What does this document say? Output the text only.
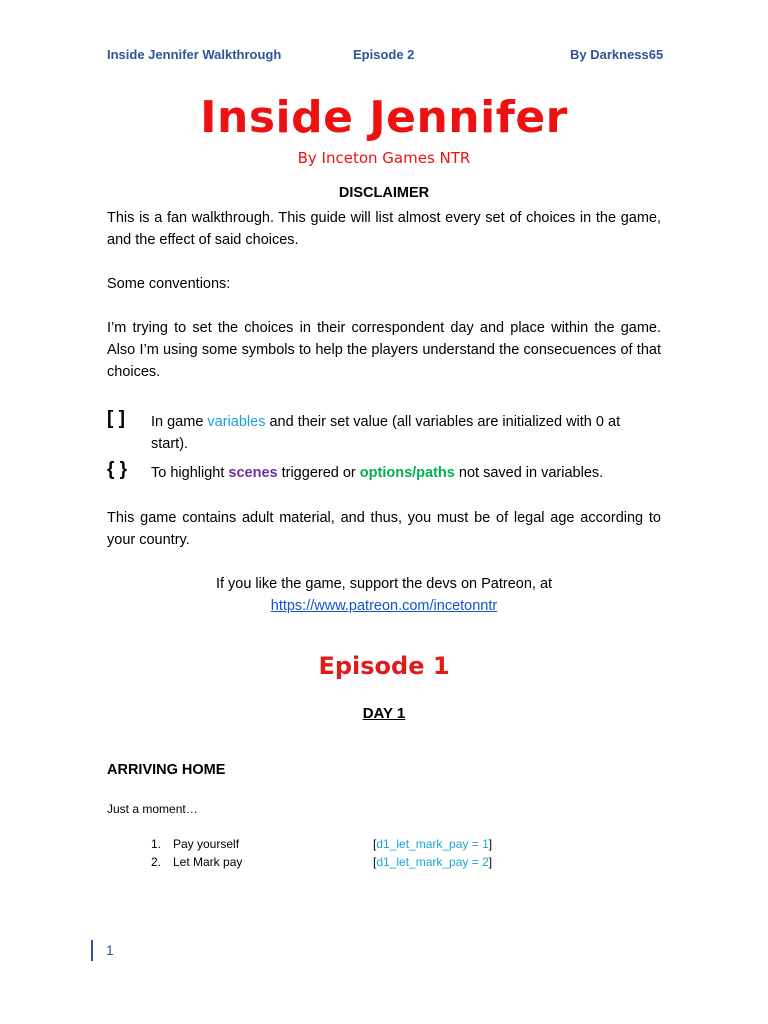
Inside Jennifer Walkthrough	Episode 2	By Darkness65
Inside Jennifer
By Inceton Games NTR
DISCLAIMER
This is a fan walkthrough. This guide will list almost every set of choices in the game, and the effect of said choices.
Some conventions:
I’m trying to set the choices in their correspondent day and place within the game. Also I’m using some symbols to help the players understand the consecuences of that choices.
[ ] In game variables and their set value (all variables are initialized with 0 at start).
{ } To highlight scenes triggered or options/paths not saved in variables.
This game contains adult material, and thus, you must be of legal age according to your country.
If you like the game, support the devs on Patreon, at
https://www.patreon.com/incetonntr
Episode 1
DAY 1
ARRIVING HOME
Just a moment…
1. Pay yourself	[d1_let_mark_pay = 1]
2. Let Mark pay	[d1_let_mark_pay = 2]
1
